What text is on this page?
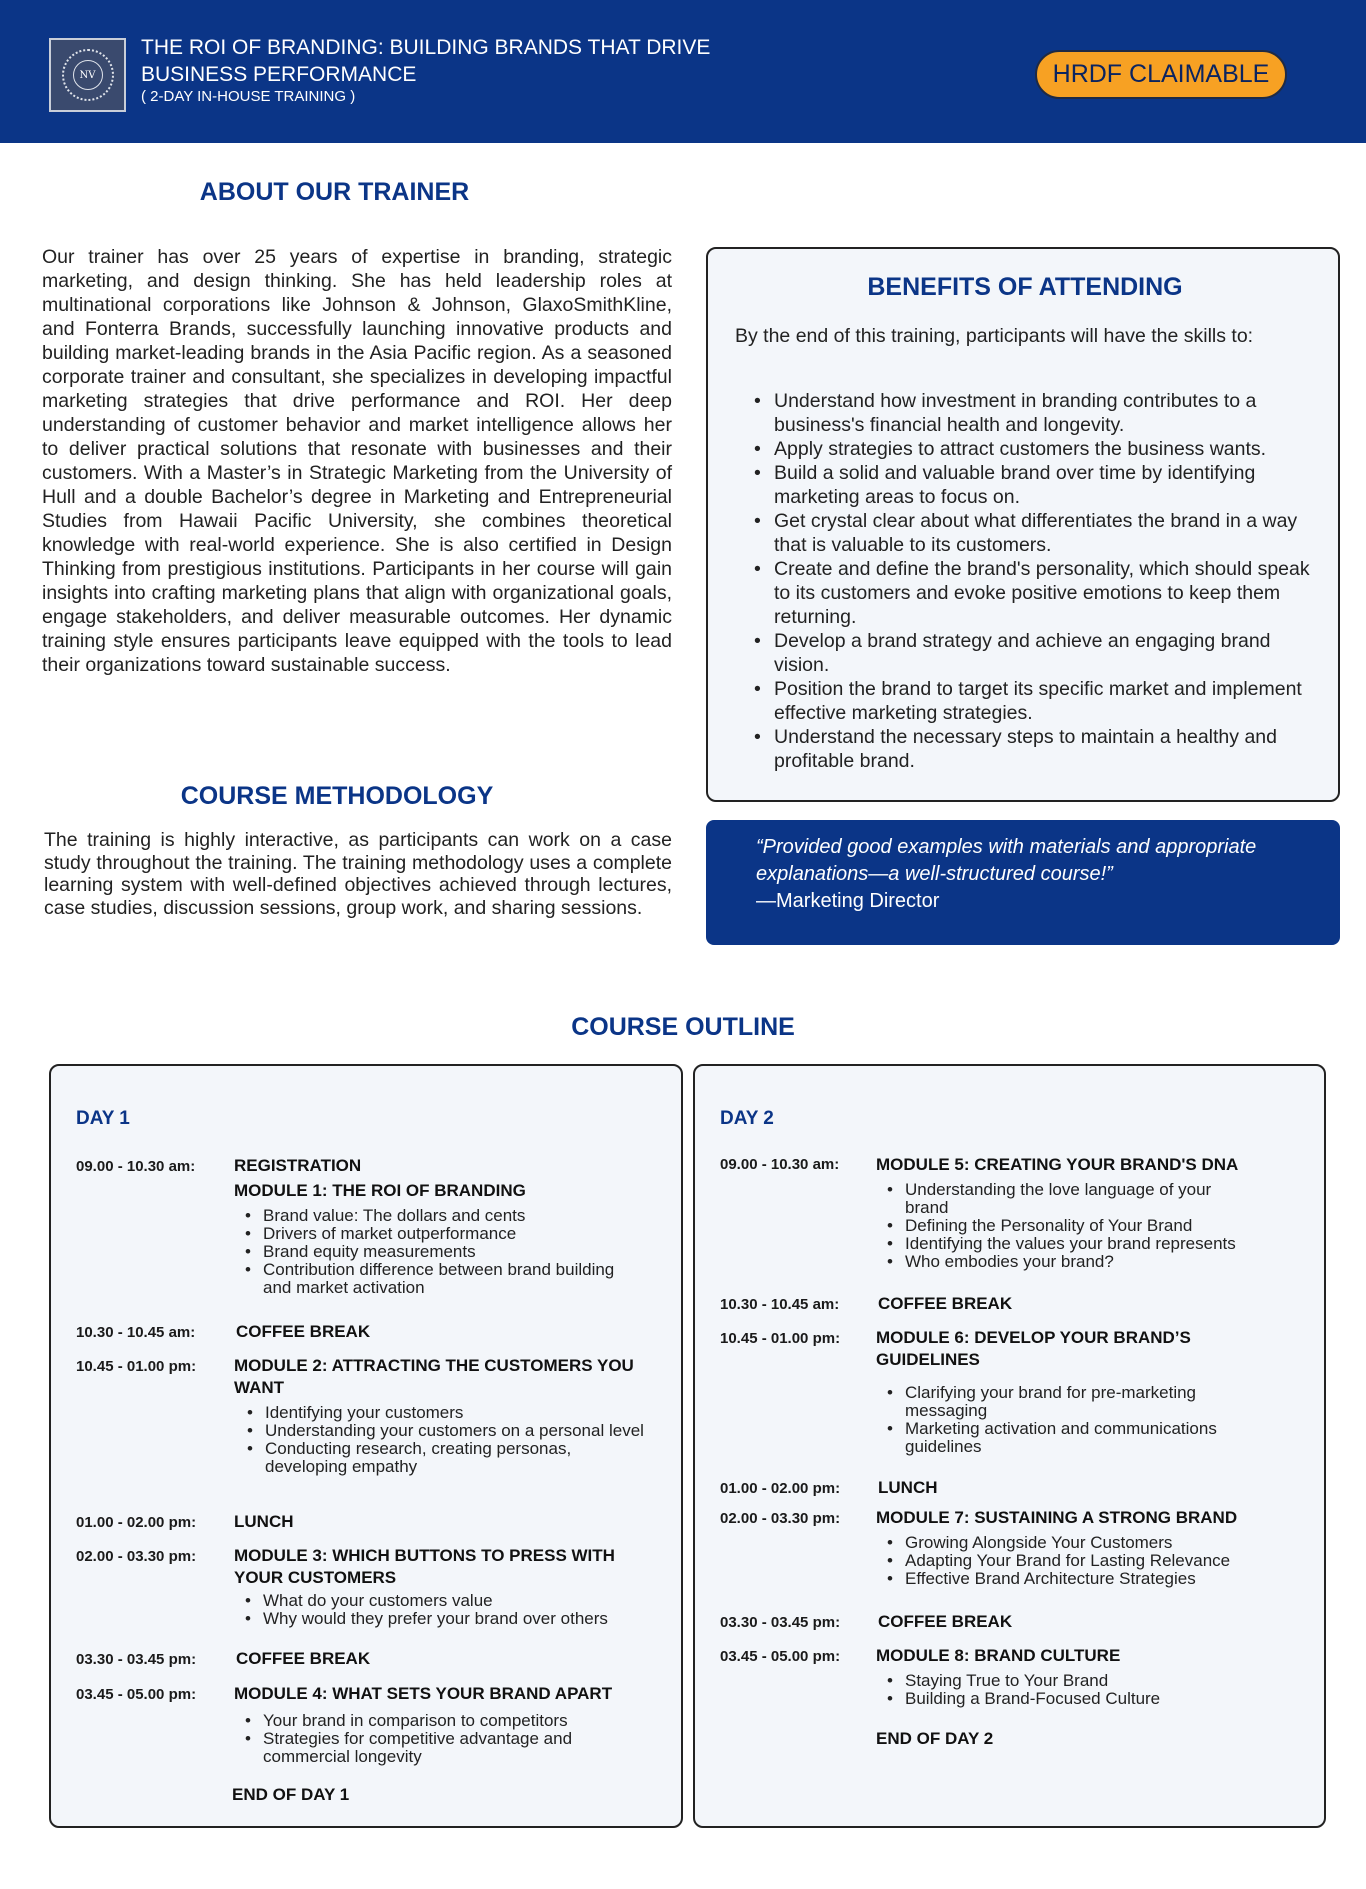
NV
THE ROI OF BRANDING: BUILDING BRANDS THAT DRIVE BUSINESS PERFORMANCE
( 2-DAY IN-HOUSE TRAINING )
HRDF CLAIMABLE
ABOUT OUR TRAINER
Our trainer has over 25 years of expertise in branding, strategic marketing, and design thinking. She has held leadership roles at multinational corporations like Johnson & Johnson, GlaxoSmithKline, and Fonterra Brands, successfully launching innovative products and building market-leading brands in the Asia Pacific region. As a seasoned corporate trainer and consultant, she specializes in developing impactful marketing strategies that drive performance and ROI. Her deep understanding of customer behavior and market intelligence allows her to deliver practical solutions that resonate with businesses and their customers. With a Master’s in Strategic Marketing from the University of Hull and a double Bachelor’s degree in Marketing and Entrepreneurial Studies from Hawaii Pacific University, she combines theoretical knowledge with real-world experience. She is also certified in Design Thinking from prestigious institutions. Participants in her course will gain insights into crafting marketing plans that align with organizational goals, engage stakeholders, and deliver measurable outcomes. Her dynamic training style ensures participants leave equipped with the tools to lead their organizations toward sustainable success.
COURSE METHODOLOGY
The training is highly interactive, as participants can work on a case study throughout the training. The training methodology uses a complete learning system with well-defined objectives achieved through lectures, case studies, discussion sessions, group work, and sharing sessions.
BENEFITS OF ATTENDING
By the end of this training, participants will have the skills to:
• Understand how investment in branding contributes to a business's financial health and longevity.
• Apply strategies to attract customers the business wants.
• Build a solid and valuable brand over time by identifying marketing areas to focus on.
• Get crystal clear about what differentiates the brand in a way that is valuable to its customers.
• Create and define the brand's personality, which should speak to its customers and evoke positive emotions to keep them returning.
• Develop a brand strategy and achieve an engaging brand vision.
• Position the brand to target its specific market and implement effective marketing strategies.
• Understand the necessary steps to maintain a healthy and profitable brand.
“Provided good examples with materials and appropriate explanations—a well-structured course!”
—Marketing Director
COURSE OUTLINE
DAY 1
09.00 - 10.30 am: REGISTRATION
MODULE 1: THE ROI OF BRANDING
• Brand value: The dollars and cents
• Drivers of market outperformance
• Brand equity measurements
• Contribution difference between brand building and market activation
10.30 - 10.45 am: COFFEE BREAK
10.45 - 01.00 pm: MODULE 2: ATTRACTING THE CUSTOMERS YOU WANT
• Identifying your customers
• Understanding your customers on a personal level
• Conducting research, creating personas, developing empathy
01.00 - 02.00 pm: LUNCH
02.00 - 03.30 pm: MODULE 3: WHICH BUTTONS TO PRESS WITH YOUR CUSTOMERS
• What do your customers value
• Why would they prefer your brand over others
03.30 - 03.45 pm: COFFEE BREAK
03.45 - 05.00 pm: MODULE 4: WHAT SETS YOUR BRAND APART
• Your brand in comparison to competitors
• Strategies for competitive advantage and commercial longevity
END OF DAY 1
DAY 2
09.00 - 10.30 am: MODULE 5: CREATING YOUR BRAND'S DNA
• Understanding the love language of your brand
• Defining the Personality of Your Brand
• Identifying the values your brand represents
• Who embodies your brand?
10.30 - 10.45 am: COFFEE BREAK
10.45 - 01.00 pm: MODULE 6: DEVELOP YOUR BRAND’S GUIDELINES
• Clarifying your brand for pre-marketing messaging
• Marketing activation and communications guidelines
01.00 - 02.00 pm: LUNCH
02.00 - 03.30 pm: MODULE 7: SUSTAINING A STRONG BRAND
• Growing Alongside Your Customers
• Adapting Your Brand for Lasting Relevance
• Effective Brand Architecture Strategies
03.30 - 03.45 pm: COFFEE BREAK
03.45 - 05.00 pm: MODULE 8: BRAND CULTURE
• Staying True to Your Brand
• Building a Brand-Focused Culture
END OF DAY 2
